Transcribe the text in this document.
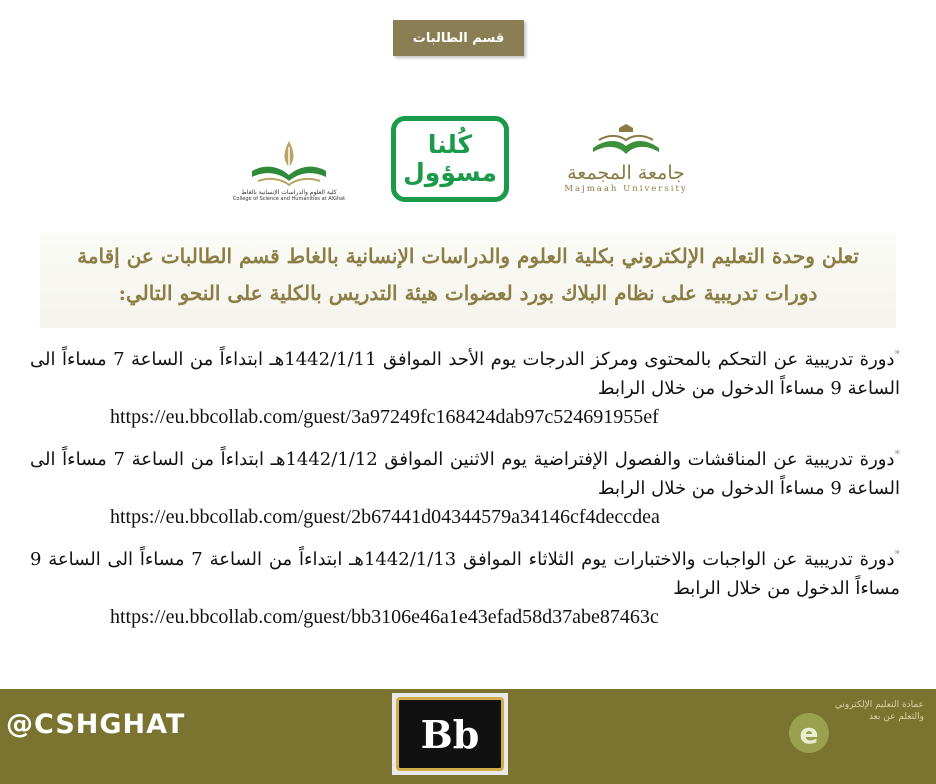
قسم الطالبات
كلية العلوم والدراسات الإنسانية بالغاط
College of Science and Humanities at AlGhat
كُلنا
مسؤول	جامعة المجمعة
Majmaah University
تعلن وحدة التعليم الإلكتروني بكلية العلوم والدراسات الإنسانية بالغاط قسم الطالبات عن إقامة
دورات تدريبية على نظام البلاك بورد لعضوات هيئة التدريس بالكلية على النحو التالي:
*دورة تدريبية عن التحكم بالمحتوى ومركز الدرجات يوم الأحد الموافق 1442/1/11هـ ابتداءاً من الساعة 7 مساءاً الى الساعة 9 مساءاً الدخول من خلال الرابط
https://eu.bbcollab.com/guest/3a97249fc168424dab97c524691955ef
*دورة تدريبية عن المناقشات والفصول الإفتراضية يوم الاثنين الموافق 1442/1/12هـ ابتداءاً من الساعة 7 مساءاً الى الساعة 9 مساءاً الدخول من خلال الرابط
https://eu.bbcollab.com/guest/2b67441d04344579a34146cf4deccdea
*دورة تدريبية عن الواجبات والاختبارات يوم الثلاثاء الموافق 1442/1/13هـ ابتداءاً من الساعة 7 مساءاً الى الساعة 9 مساءاً الدخول من خلال الرابط
https://eu.bbcollab.com/guest/bb3106e46a1e43efad58d37abe87463c
@CSHGHAT	Bb	e
عمادة التعليم الإلكتروني والتعلم عن بعد
